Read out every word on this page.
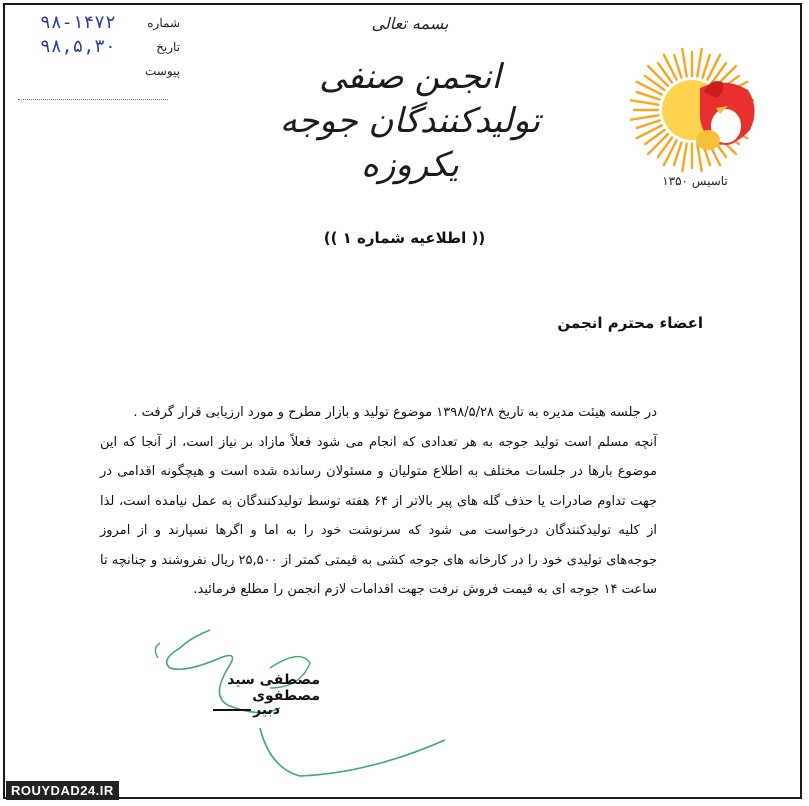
۹۸-۱۴۷۲	شماره
۹۸,۵,۳۰	تاریخ
پیوست
بسمه تعالی
انجمن صنفی تولیدکنندگان جوجه یکروزه	تاسیس ۱۳۵۰
(( اطلاعیه شماره ۱ ))
اعضاء محترم انجمن

در جلسه هیئت مدیره به تاریخ ۱۳۹۸/۵/۲۸ موضوع تولید و بازار مطرح و مورد ارزیابی قرار گرفت .

آنچه مسلم است تولید جوجه به هر تعدادی که انجام می شود فعلاً مازاد بر نیاز است، از آنجا که این موضوع بارها در جلسات مختلف به اطلاع متولیان و مسئولان رسانده شده است و هیچگونه اقدامی در جهت تداوم صادرات یا حذف گله های پیر بالاتر از ۶۴ هفته توسط تولیدکنندگان به عمل نیامده است، لذا از کلیه تولیدکنندگان درخواست می شود که سرنوشت خود را به اما و اگرها نسپارند و از امروز جوجه‌های تولیدی خود را در کارخانه های جوجه کشی به قیمتی کمتر از ۲۵,۵۰۰ ریال نفروشند و چنانچه تا ساعت ۱۴ جوجه ای به قیمت فروش نرفت جهت اقدامات لازم انجمن را مطلع فرمائید.

مصطفی سید مصطفوی
دبیر
ROUYDAD24.IR
